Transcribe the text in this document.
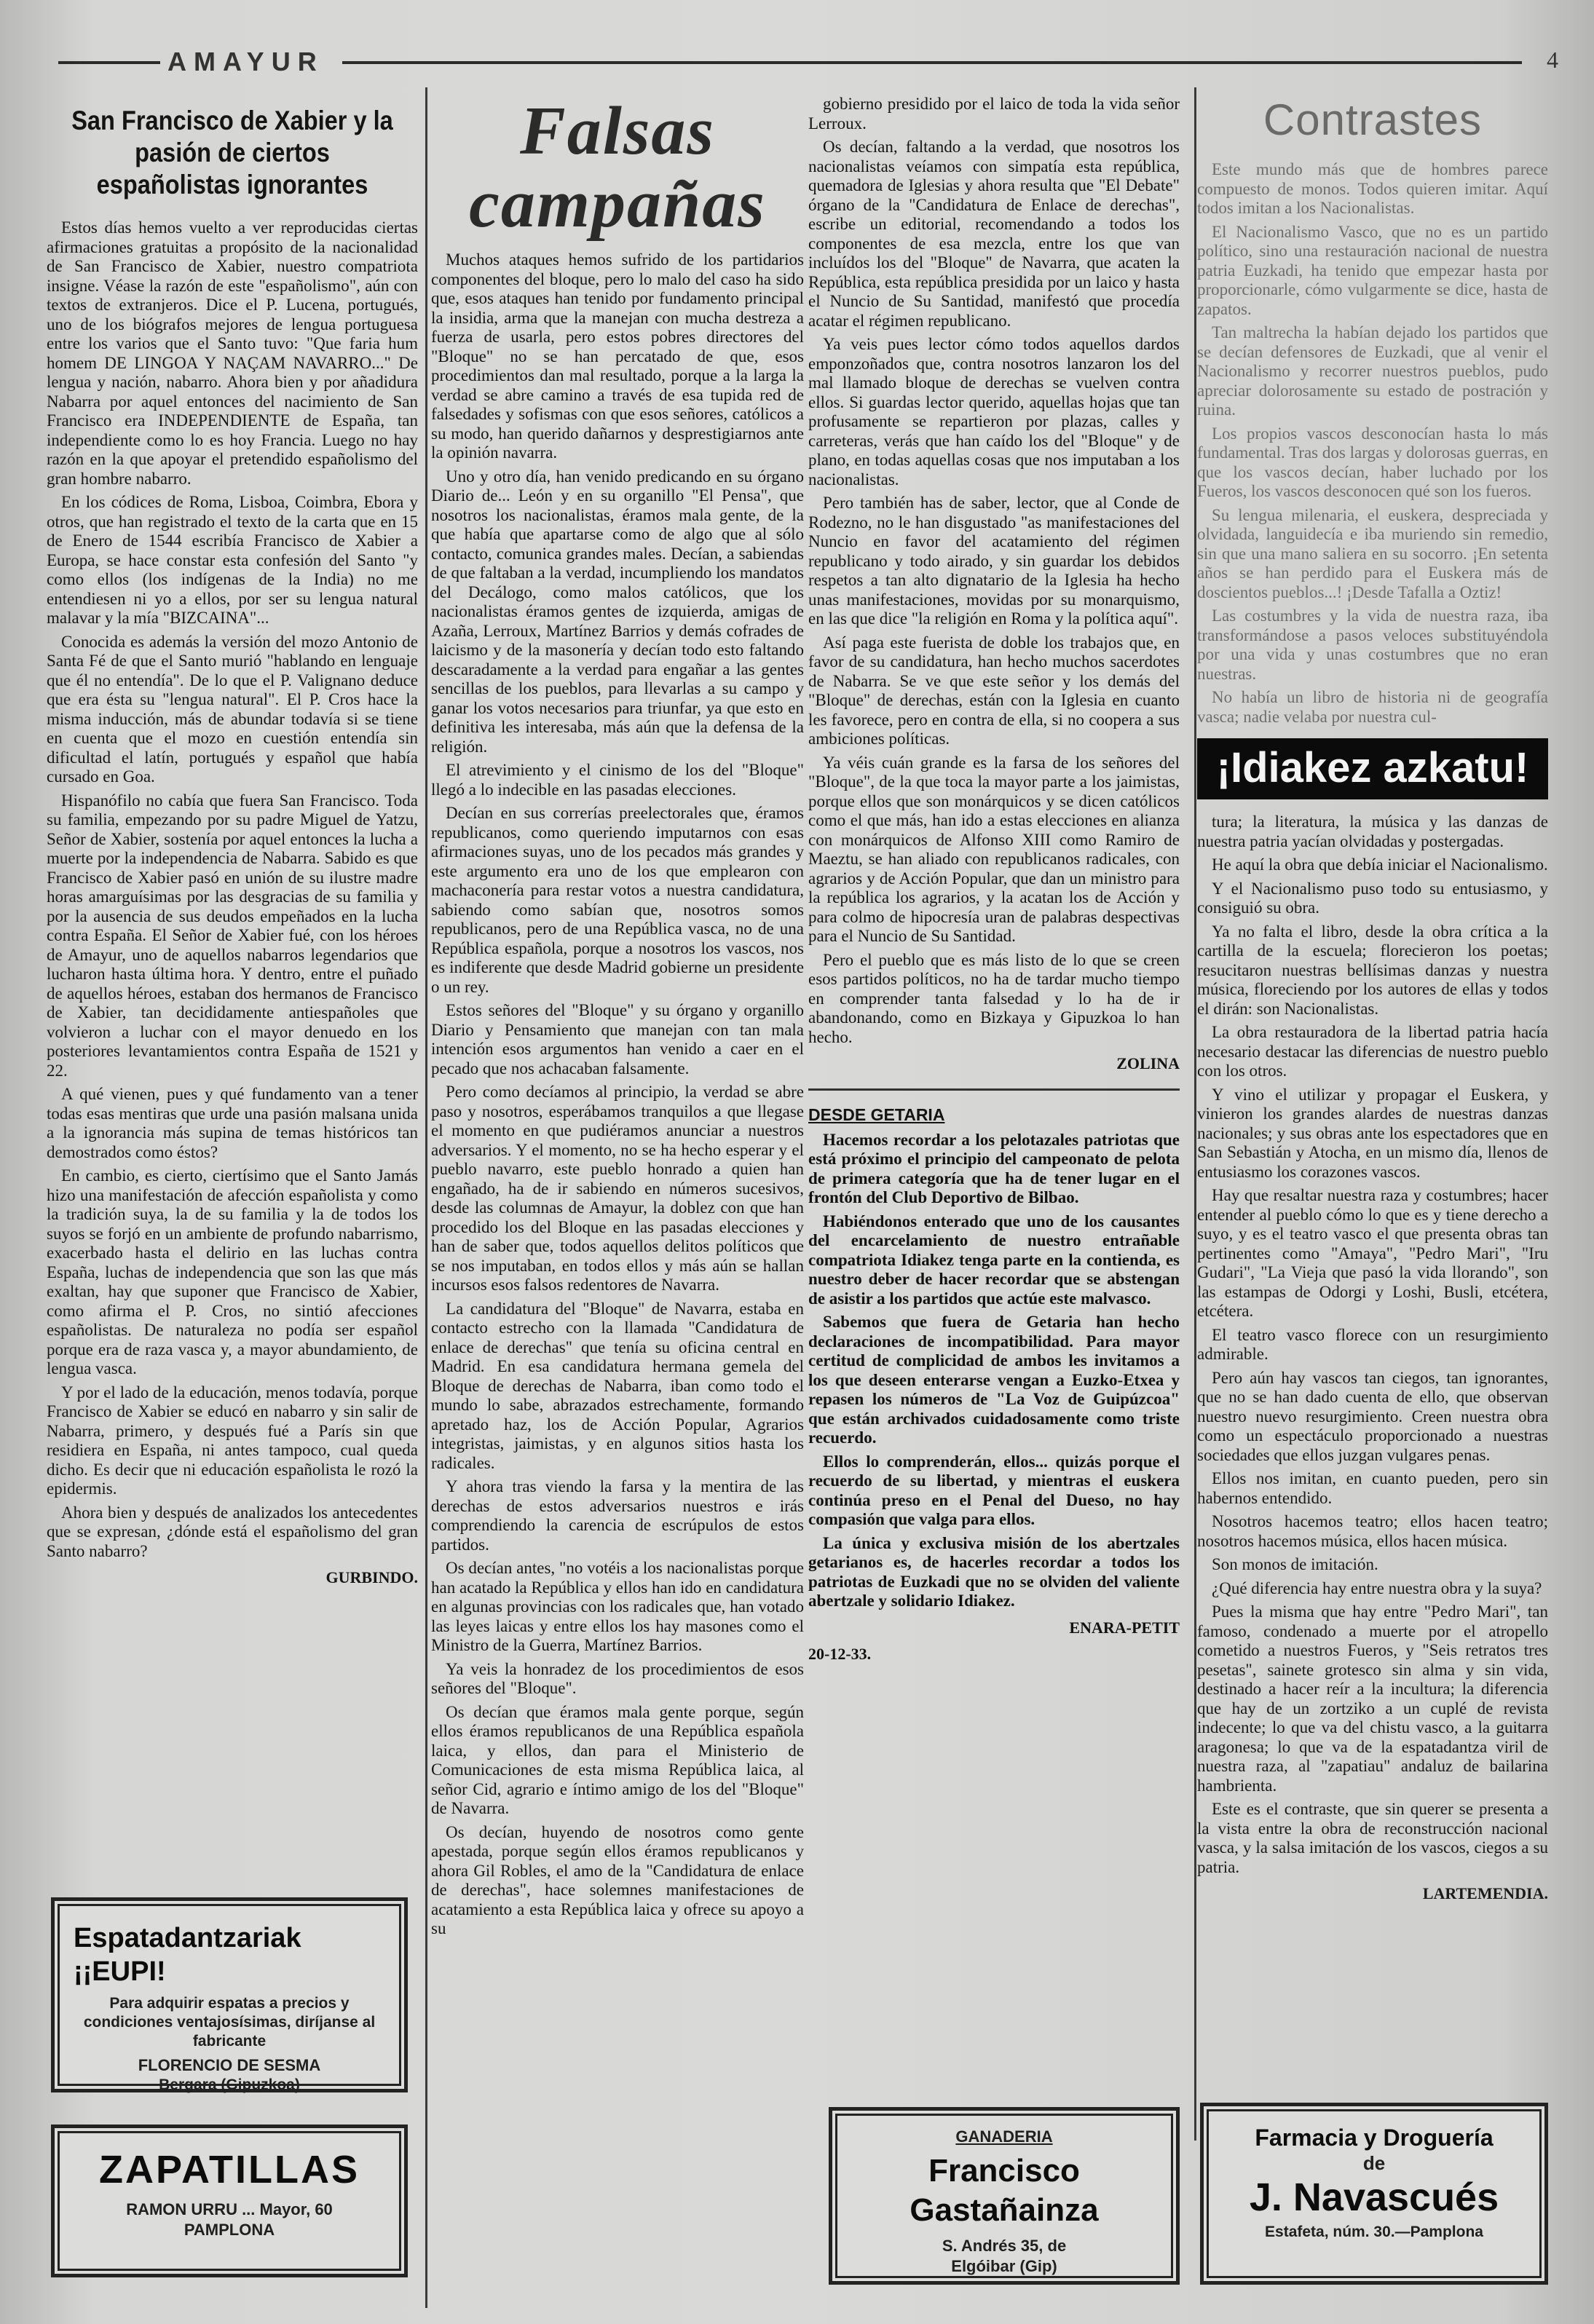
AMAYUR	4
San Francisco de Xabier y la pasión de ciertos españolistas ignorantes

Estos días hemos vuelto a ver reproducidas ciertas afirmaciones gratuitas a propósito de la nacionalidad de San Francisco de Xabier, nuestro compatriota insigne. Véase la razón de este "españolismo", aún con textos de extranjeros. Dice el P. Lucena, portugués, uno de los biógrafos mejores de lengua portuguesa entre los varios que el Santo tuvo: "Que faria hum homem DE LINGOA Y NAÇAM NAVARRO..." De lengua y nación, nabarro. Ahora bien y por añadidura Nabarra por aquel entonces del nacimiento de San Francisco era INDEPENDIENTE de España, tan independiente como lo es hoy Francia. Luego no hay razón en la que apoyar el pretendido españolismo del gran hombre nabarro.

En los códices de Roma, Lisboa, Coimbra, Ebora y otros, que han registrado el texto de la carta que en 15 de Enero de 1544 escribía Francisco de Xabier a Europa, se hace constar esta confesión del Santo "y como ellos (los indígenas de la India) no me entendiesen ni yo a ellos, por ser su lengua natural malavar y la mía "BIZCAINA"...

Conocida es además la versión del mozo Antonio de Santa Fé de que el Santo murió "hablando en lenguaje que él no entendía". De lo que el P. Valignano deduce que era ésta su "lengua natural". El P. Cros hace la misma inducción, más de abundar todavía si se tiene en cuenta que el mozo en cuestión entendía sin dificultad el latín, portugués y español que había cursado en Goa.

Hispanófilo no cabía que fuera San Francisco. Toda su familia, empezando por su padre Miguel de Yatzu, Señor de Xabier, sostenía por aquel entonces la lucha a muerte por la independencia de Nabarra. Sabido es que Francisco de Xabier pasó en unión de su ilustre madre horas amarguísimas por las desgracias de su familia y por la ausencia de sus deudos empeñados en la lucha contra España. El Señor de Xabier fué, con los héroes de Amayur, uno de aquellos nabarros legendarios que lucharon hasta última hora. Y dentro, entre el puñado de aquellos héroes, estaban dos hermanos de Francisco de Xabier, tan decididamente antiespañoles que volvieron a luchar con el mayor denuedo en los posteriores levantamientos contra España de 1521 y 22.

A qué vienen, pues y qué fundamento van a tener todas esas mentiras que urde una pasión malsana unida a la ignorancia más supina de temas históricos tan demostrados como éstos?

En cambio, es cierto, ciertísimo que el Santo Jamás hizo una manifestación de afección españolista y como la tradición suya, la de su familia y la de todos los suyos se forjó en un ambiente de profundo nabarrismo, exacerbado hasta el delirio en las luchas contra España, luchas de independencia que son las que más exaltan, hay que suponer que Francisco de Xabier, como afirma el P. Cros, no sintió afecciones españolistas. De naturaleza no podía ser español porque era de raza vasca y, a mayor abundamiento, de lengua vasca.

Y por el lado de la educación, menos todavía, porque Francisco de Xabier se educó en nabarro y sin salir de Nabarra, primero, y después fué a París sin que residiera en España, ni antes tampoco, cual queda dicho. Es decir que ni educación españolista le rozó la epidermis.

Ahora bien y después de analizados los antecedentes que se expresan, ¿dónde está el españolismo del gran Santo nabarro?

GURBINDO.

Falsas campañas

Muchos ataques hemos sufrido de los partidarios componentes del bloque, pero lo malo del caso ha sido que, esos ataques han tenido por fundamento principal la insidia, arma que la manejan con mucha destreza a fuerza de usarla, pero estos pobres directores del "Bloque" no se han percatado de que, esos procedimientos dan mal resultado, porque a la larga la verdad se abre camino a través de esa tupida red de falsedades y sofismas con que esos señores, católicos a su modo, han querido dañarnos y desprestigiarnos ante la opinión navarra.

Uno y otro día, han venido predicando en su órgano Diario de... León y en su organillo "El Pensa", que nosotros los nacionalistas, éramos mala gente, de la que había que apartarse como de algo que al sólo contacto, comunica grandes males. Decían, a sabiendas de que faltaban a la verdad, incumpliendo los mandatos del Decálogo, como malos católicos, que los nacionalistas éramos gentes de izquierda, amigas de Azaña, Lerroux, Martínez Barrios y demás cofrades de laicismo y de la masonería y decían todo esto faltando descaradamente a la verdad para engañar a las gentes sencillas de los pueblos, para llevarlas a su campo y ganar los votos necesarios para triunfar, ya que esto en definitiva les interesaba, más aún que la defensa de la religión.

El atrevimiento y el cinismo de los del "Bloque" llegó a lo indecible en las pasadas elecciones.

Decían en sus correrías preelectorales que, éramos republicanos, como queriendo imputarnos con esas afirmaciones suyas, uno de los pecados más grandes y este argumento era uno de los que emplearon con machaconería para restar votos a nuestra candidatura, sabiendo como sabían que, nosotros somos republicanos, pero de una República vasca, no de una República española, porque a nosotros los vascos, nos es indiferente que desde Madrid gobierne un presidente o un rey.

Estos señores del "Bloque" y su órgano y organillo Diario y Pensamiento que manejan con tan mala intención esos argumentos han venido a caer en el pecado que nos achacaban falsamente.

Pero como decíamos al principio, la verdad se abre paso y nosotros, esperábamos tranquilos a que llegase el momento en que pudiéramos anunciar a nuestros adversarios. Y el momento, no se ha hecho esperar y el pueblo navarro, este pueblo honrado a quien han engañado, ha de ir sabiendo en números sucesivos, desde las columnas de Amayur, la doblez con que han procedido los del Bloque en las pasadas elecciones y han de saber que, todos aquellos delitos políticos que se nos imputaban, en todos ellos y más aún se hallan incursos esos falsos redentores de Navarra.

La candidatura del "Bloque" de Navarra, estaba en contacto estrecho con la llamada "Candidatura de enlace de derechas" que tenía su oficina central en Madrid. En esa candidatura hermana gemela del Bloque de derechas de Nabarra, iban como todo el mundo lo sabe, abrazados estrechamente, formando apretado haz, los de Acción Popular, Agrarios integristas, jaimistas, y en algunos sitios hasta los radicales.

Y ahora tras viendo la farsa y la mentira de las derechas de estos adversarios nuestros e irás comprendiendo la carencia de escrúpulos de estos partidos.

Os decían antes, "no votéis a los nacionalistas porque han acatado la República y ellos han ido en candidatura en algunas provincias con los radicales que, han votado las leyes laicas y entre ellos los hay masones como el Ministro de la Guerra, Martínez Barrios.

Ya veis la honradez de los procedimientos de esos señores del "Bloque".

Os decían que éramos mala gente porque, según ellos éramos republicanos de una República española laica, y ellos, dan para el Ministerio de Comunicaciones de esta misma República laica, al señor Cid, agrario e íntimo amigo de los del "Bloque" de Navarra.

Os decían, huyendo de nosotros como gente apestada, porque según ellos éramos republicanos y ahora Gil Robles, el amo de la "Candidatura de enlace de derechas", hace solemnes manifestaciones de acatamiento a esta República laica y ofrece su apoyo a su

gobierno presidido por el laico de toda la vida señor Lerroux.

Os decían, faltando a la verdad, que nosotros los nacionalistas veíamos con simpatía esta república, quemadora de Iglesias y ahora resulta que "El Debate" órgano de la "Candidatura de Enlace de derechas", escribe un editorial, recomendando a todos los componentes de esa mezcla, entre los que van incluídos los del "Bloque" de Navarra, que acaten la República, esta república presidida por un laico y hasta el Nuncio de Su Santidad, manifestó que procedía acatar el régimen republicano.

Ya veis pues lector cómo todos aquellos dardos emponzoñados que, contra nosotros lanzaron los del mal llamado bloque de derechas se vuelven contra ellos. Si guardas lector querido, aquellas hojas que tan profusamente se repartieron por plazas, calles y carreteras, verás que han caído los del "Bloque" y de plano, en todas aquellas cosas que nos imputaban a los nacionalistas.

Pero también has de saber, lector, que al Conde de Rodezno, no le han disgustado "as manifestaciones del Nuncio en favor del acatamiento del régimen republicano y todo airado, y sin guardar los debidos respetos a tan alto dignatario de la Iglesia ha hecho unas manifestaciones, movidas por su monarquismo, en las que dice "la religión en Roma y la política aquí".

Así paga este fuerista de doble los trabajos que, en favor de su candidatura, han hecho muchos sacerdotes de Nabarra. Se ve que este señor y los demás del "Bloque" de derechas, están con la Iglesia en cuanto les favorece, pero en contra de ella, si no coopera a sus ambiciones políticas.

Ya véis cuán grande es la farsa de los señores del "Bloque", de la que toca la mayor parte a los jaimistas, porque ellos que son monárquicos y se dicen católicos como el que más, han ido a estas elecciones en alianza con monárquicos de Alfonso XIII como Ramiro de Maeztu, se han aliado con republicanos radicales, con agrarios y de Acción Popular, que dan un ministro para la república los agrarios, y la acatan los de Acción y para colmo de hipocresía uran de palabras despectivas para el Nuncio de Su Santidad.

Pero el pueblo que es más listo de lo que se creen esos partidos políticos, no ha de tardar mucho tiempo en comprender tanta falsedad y lo ha de ir abandonando, como en Bizkaya y Gipuzkoa lo han hecho.

ZOLINA

DESDE GETARIA

Hacemos recordar a los pelotazales patriotas que está próximo el principio del campeonato de pelota de primera categoría que ha de tener lugar en el frontón del Club Deportivo de Bilbao.

Habiéndonos enterado que uno de los causantes del encarcelamiento de nuestro entrañable compatriota Idiakez tenga parte en la contienda, es nuestro deber de hacer recordar que se abstengan de asistir a los partidos que actúe este malvasco.

Sabemos que fuera de Getaria han hecho declaraciones de incompatibilidad. Para mayor certitud de complicidad de ambos les invitamos a los que deseen enterarse vengan a Euzko-Etxea y repasen los números de "La Voz de Guipúzcoa" que están archivados cuidadosamente como triste recuerdo.

Ellos lo comprenderán, ellos... quizás porque el recuerdo de su libertad, y mientras el euskera continúa preso en el Penal del Dueso, no hay compasión que valga para ellos.

La única y exclusiva misión de los abertzales getarianos es, de hacerles recordar a todos los patriotas de Euzkadi que no se olviden del valiente abertzale y solidario Idiakez.

ENARA-PETIT

20-12-33.

Contrastes

Este mundo más que de hombres parece compuesto de monos. Todos quieren imitar. Aquí todos imitan a los Nacionalistas.

El Nacionalismo Vasco, que no es un partido político, sino una restauración nacional de nuestra patria Euzkadi, ha tenido que empezar hasta por proporcionarle, cómo vulgarmente se dice, hasta de zapatos.

Tan maltrecha la habían dejado los partidos que se decían defensores de Euzkadi, que al venir el Nacionalismo y recorrer nuestros pueblos, pudo apreciar dolorosamente su estado de postración y ruina.

Los propios vascos desconocían hasta lo más fundamental. Tras dos largas y dolorosas guerras, en que los vascos decían, haber luchado por los Fueros, los vascos desconocen qué son los fueros.

Su lengua milenaria, el euskera, despreciada y olvidada, languidecía e iba muriendo sin remedio, sin que una mano saliera en su socorro. ¡En setenta años se han perdido para el Euskera más de doscientos pueblos...! ¡Desde Tafalla a Oztiz!

Las costumbres y la vida de nuestra raza, iba transformándose a pasos veloces substituyéndola por una vida y unas costumbres que no eran nuestras.

No había un libro de historia ni de geografía vasca; nadie velaba por nuestra cul-

¡Idiakez azkatu!

tura; la literatura, la música y las danzas de nuestra patria yacían olvidadas y postergadas.

He aquí la obra que debía iniciar el Nacionalismo.

Y el Nacionalismo puso todo su entusiasmo, y consiguió su obra.

Ya no falta el libro, desde la obra crítica a la cartilla de la escuela; florecieron los poetas; resucitaron nuestras bellísimas danzas y nuestra música, floreciendo por los autores de ellas y todos el dirán: son Nacionalistas.

La obra restauradora de la libertad patria hacía necesario destacar las diferencias de nuestro pueblo con los otros.

Y vino el utilizar y propagar el Euskera, y vinieron los grandes alardes de nuestras danzas nacionales; y sus obras ante los espectadores que en San Sebastián y Atocha, en un mismo día, llenos de entusiasmo los corazones vascos.

Hay que resaltar nuestra raza y costumbres; hacer entender al pueblo cómo lo que es y tiene derecho a suyo, y es el teatro vasco el que presenta obras tan pertinentes como "Amaya", "Pedro Mari", "Iru Gudari", "La Vieja que pasó la vida llorando", son las estampas de Odorgi y Loshi, Busli, etcétera, etcétera.

El teatro vasco florece con un resurgimiento admirable.

Pero aún hay vascos tan ciegos, tan ignorantes, que no se han dado cuenta de ello, que observan nuestro nuevo resurgimiento. Creen nuestra obra como un espectáculo proporcionado a nuestras sociedades que ellos juzgan vulgares penas.

Ellos nos imitan, en cuanto pueden, pero sin habernos entendido.

Nosotros hacemos teatro; ellos hacen teatro; nosotros hacemos música, ellos hacen música.

Son monos de imitación.

¿Qué diferencia hay entre nuestra obra y la suya?

Pues la misma que hay entre "Pedro Mari", tan famoso, condenado a muerte por el atropello cometido a nuestros Fueros, y "Seis retratos tres pesetas", sainete grotesco sin alma y sin vida, destinado a hacer reír a la incultura; la diferencia que hay de un zortziko a un cuplé de revista indecente; lo que va del chistu vasco, a la guitarra aragonesa; lo que va de la espatadantza viril de nuestra raza, al "zapatiau" andaluz de bailarina hambrienta.

Este es el contraste, que sin querer se presenta a la vista entre la obra de reconstrucción nacional vasca, y la salsa imitación de los vascos, ciegos a su patria.

LARTEMENDIA.

Espatadantzariak ¡¡EUPI!
Para adquirir espatas a precios y condiciones ventajosísimas, diríjanse al fabricante
FLORENCIO DE SESMA
Bergara (Gipuzkoa)
ZAPATILLAS
RAMON URRU ... Mayor, 60
PAMPLONA
GANADERIA
Francisco Gastañainza
S. Andrés 35, de
Elgóibar (Gip)
Farmacia y Droguería
de
J. Navascués
Estafeta, núm. 30.—Pamplona
